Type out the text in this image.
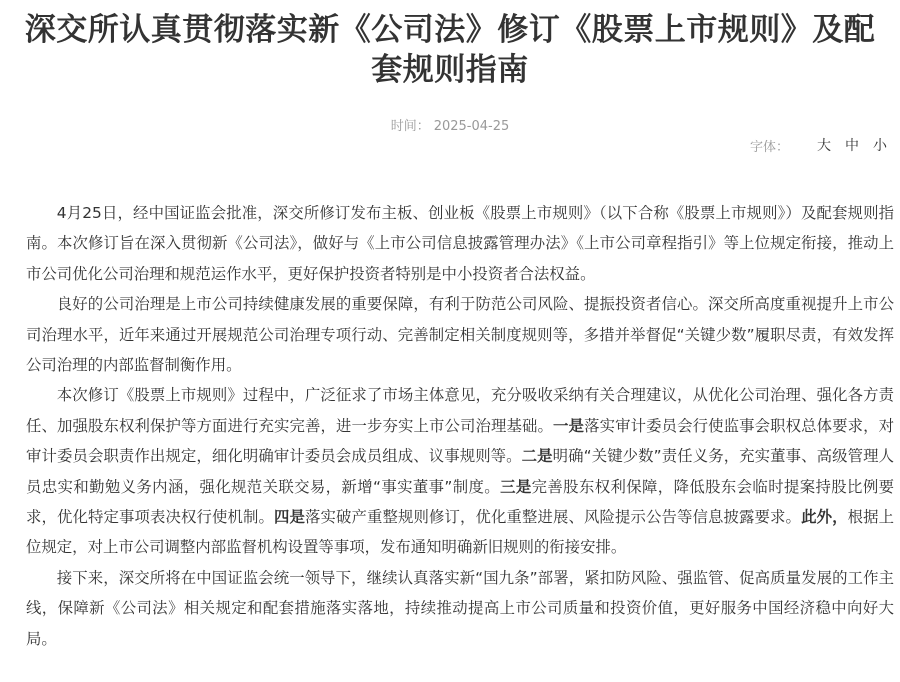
深交所认真贯彻落实新《公司法》修订《股票上市规则》及配套规则指南
时间： 2025-04-25
字体： 大 中 小

4月25日，经中国证监会批准，深交所修订发布主板、创业板《股票上市规则》（以下合称《股票上市规则》）及配套规则指南。本次修订旨在深入贯彻新《公司法》，做好与《上市公司信息披露管理办法》《上市公司章程指引》等上位规定衔接，推动上市公司优化公司治理和规范运作水平，更好保护投资者特别是中小投资者合法权益。

良好的公司治理是上市公司持续健康发展的重要保障，有利于防范公司风险、提振投资者信心。深交所高度重视提升上市公司治理水平，近年来通过开展规范公司治理专项行动、完善制定相关制度规则等，多措并举督促“关键少数”履职尽责，有效发挥公司治理的内部监督制衡作用。

本次修订《股票上市规则》过程中，广泛征求了市场主体意见，充分吸收采纳有关合理建议，从优化公司治理、强化各方责任、加强股东权利保护等方面进行充实完善，进一步夯实上市公司治理基础。一是落实审计委员会行使监事会职权总体要求，对审计委员会职责作出规定，细化明确审计委员会成员组成、议事规则等。二是明确“关键少数”责任义务，充实董事、高级管理人员忠实和勤勉义务内涵，强化规范关联交易，新增“事实董事”制度。三是完善股东权利保障，降低股东会临时提案持股比例要求，优化特定事项表决权行使机制。四是落实破产重整规则修订，优化重整进展、风险提示公告等信息披露要求。此外，根据上位规定，对上市公司调整内部监督机构设置等事项，发布通知明确新旧规则的衔接安排。

接下来，深交所将在中国证监会统一领导下，继续认真落实新“国九条”部署，紧扣防风险、强监管、促高质量发展的工作主线，保障新《公司法》相关规定和配套措施落实落地，持续推动提高上市公司质量和投资价值，更好服务中国经济稳中向好大局。
